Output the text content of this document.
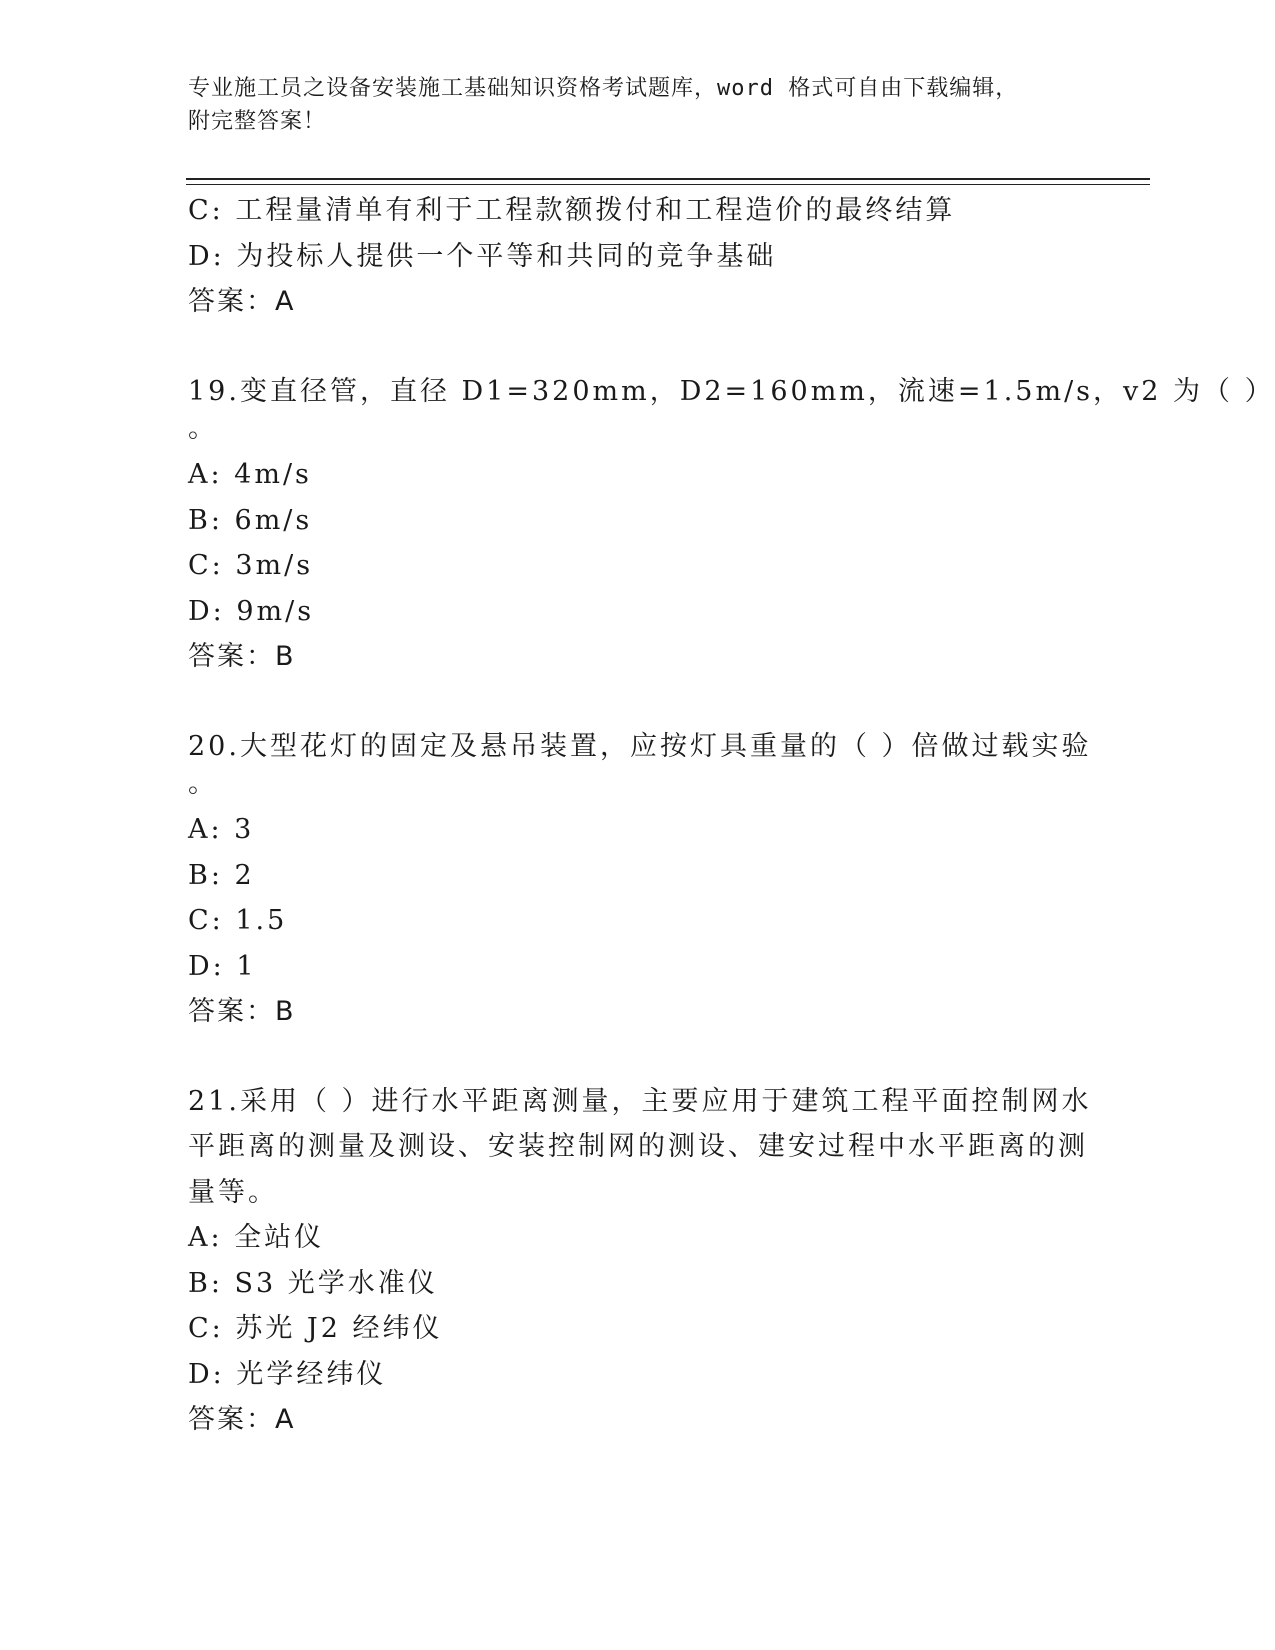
专业施工员之设备安装施工基础知识资格考试题库，word 格式可自由下载编辑，
附完整答案！
C: 工程量清单有利于工程款额拨付和工程造价的最终结算
D: 为投标人提供一个平等和共同的竞争基础
答案：A
19.变直径管，直径 D1=320mm，D2=160mm，流速=1.5m/s，v2 为（ ）
。
A: 4m/s
B: 6m/s
C: 3m/s
D: 9m/s
答案：B
20.大型花灯的固定及悬吊装置，应按灯具重量的（ ）倍做过载实验
。
A: 3
B: 2
C: 1.5
D: 1
答案：B
21.采用（ ）进行水平距离测量，主要应用于建筑工程平面控制网水
平距离的测量及测设、安装控制网的测设、建安过程中水平距离的测
量等。
A: 全站仪
B: S3 光学水准仪
C: 苏光 J2 经纬仪
D: 光学经纬仪
答案：A
